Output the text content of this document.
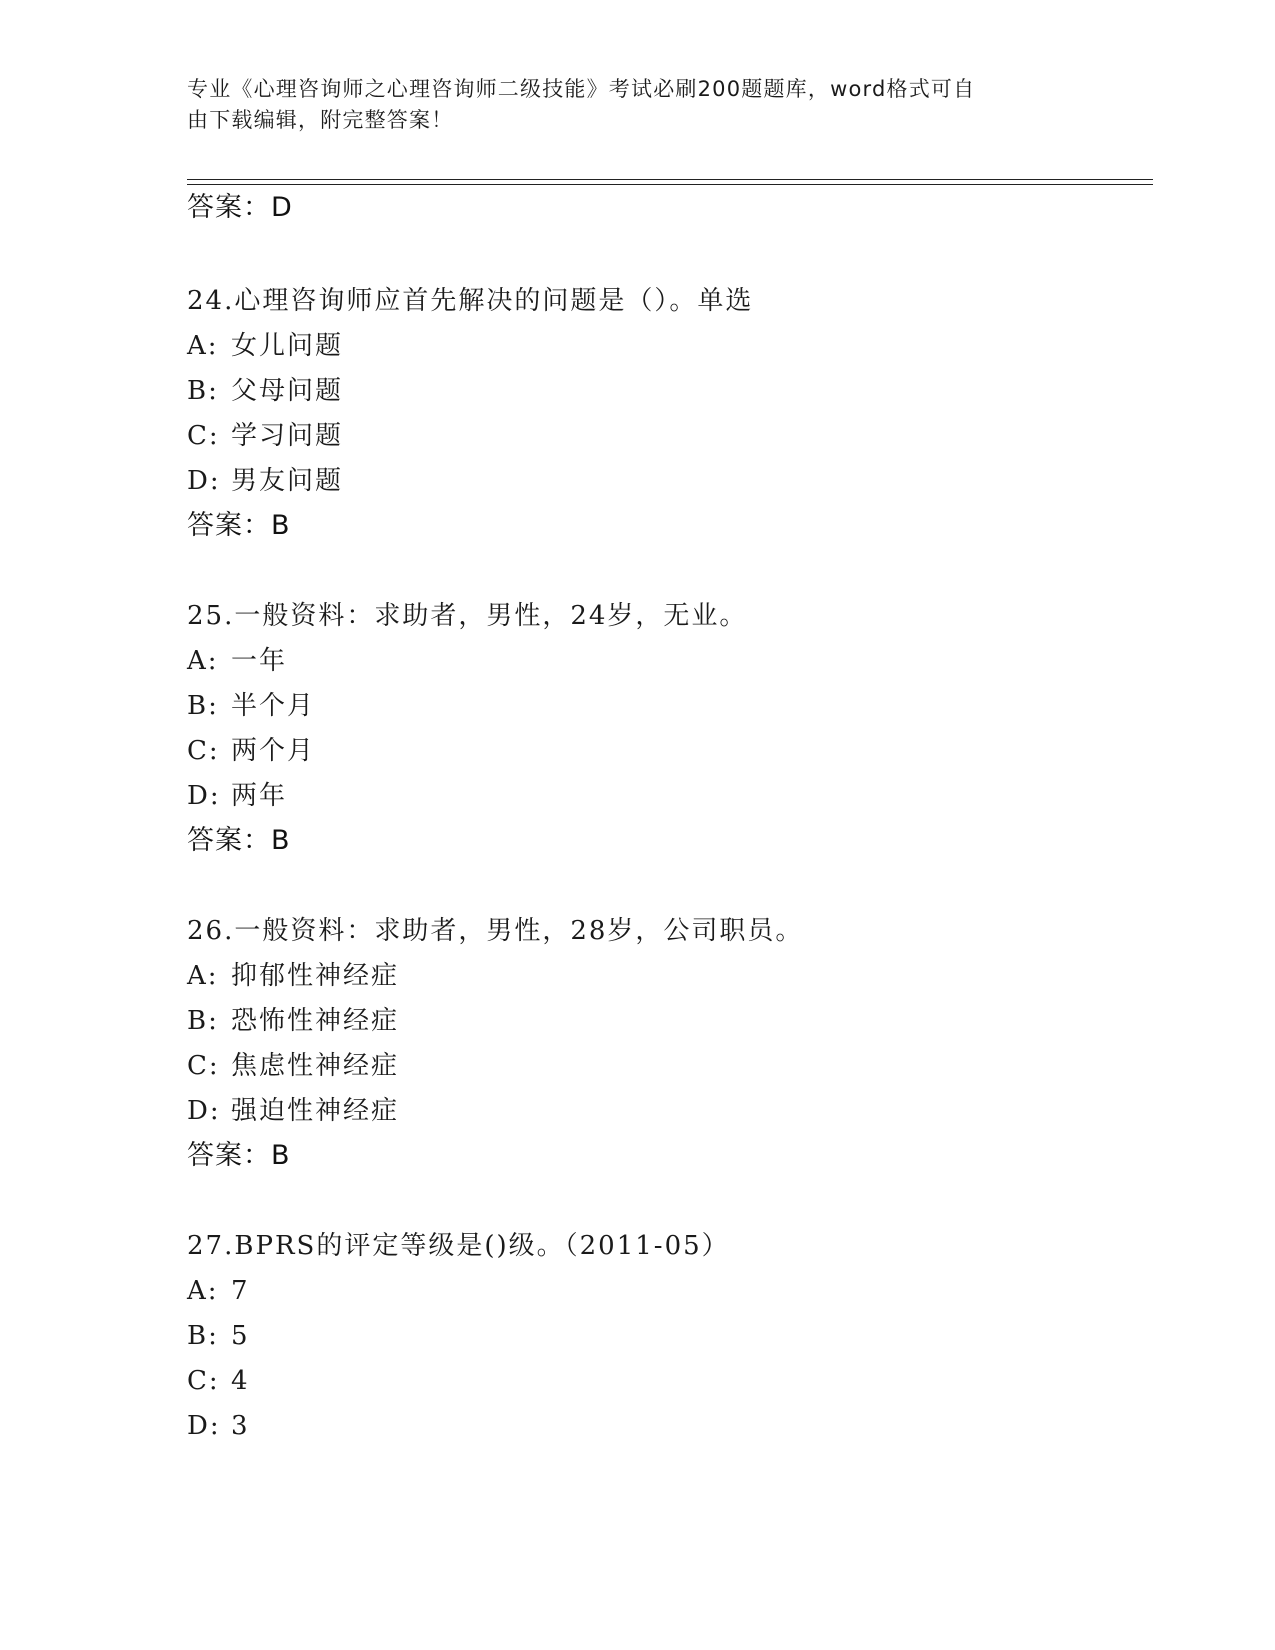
专业《心理咨询师之心理咨询师二级技能》考试必刷200题题库，word格式可自
由下载编辑，附完整答案！
答案：D
24.心理咨询师应首先解决的问题是（）。单选
A: 女儿问题
B: 父母问题
C: 学习问题
D: 男友问题
答案：B
25.一般资料：求助者，男性，24岁，无业。
A: 一年
B: 半个月
C: 两个月
D: 两年
答案：B
26.一般资料：求助者，男性，28岁，公司职员。
A: 抑郁性神经症
B: 恐怖性神经症
C: 焦虑性神经症
D: 强迫性神经症
答案：B
27.BPRS的评定等级是()级。（2011-05）
A: 7
B: 5
C: 4
D: 3
